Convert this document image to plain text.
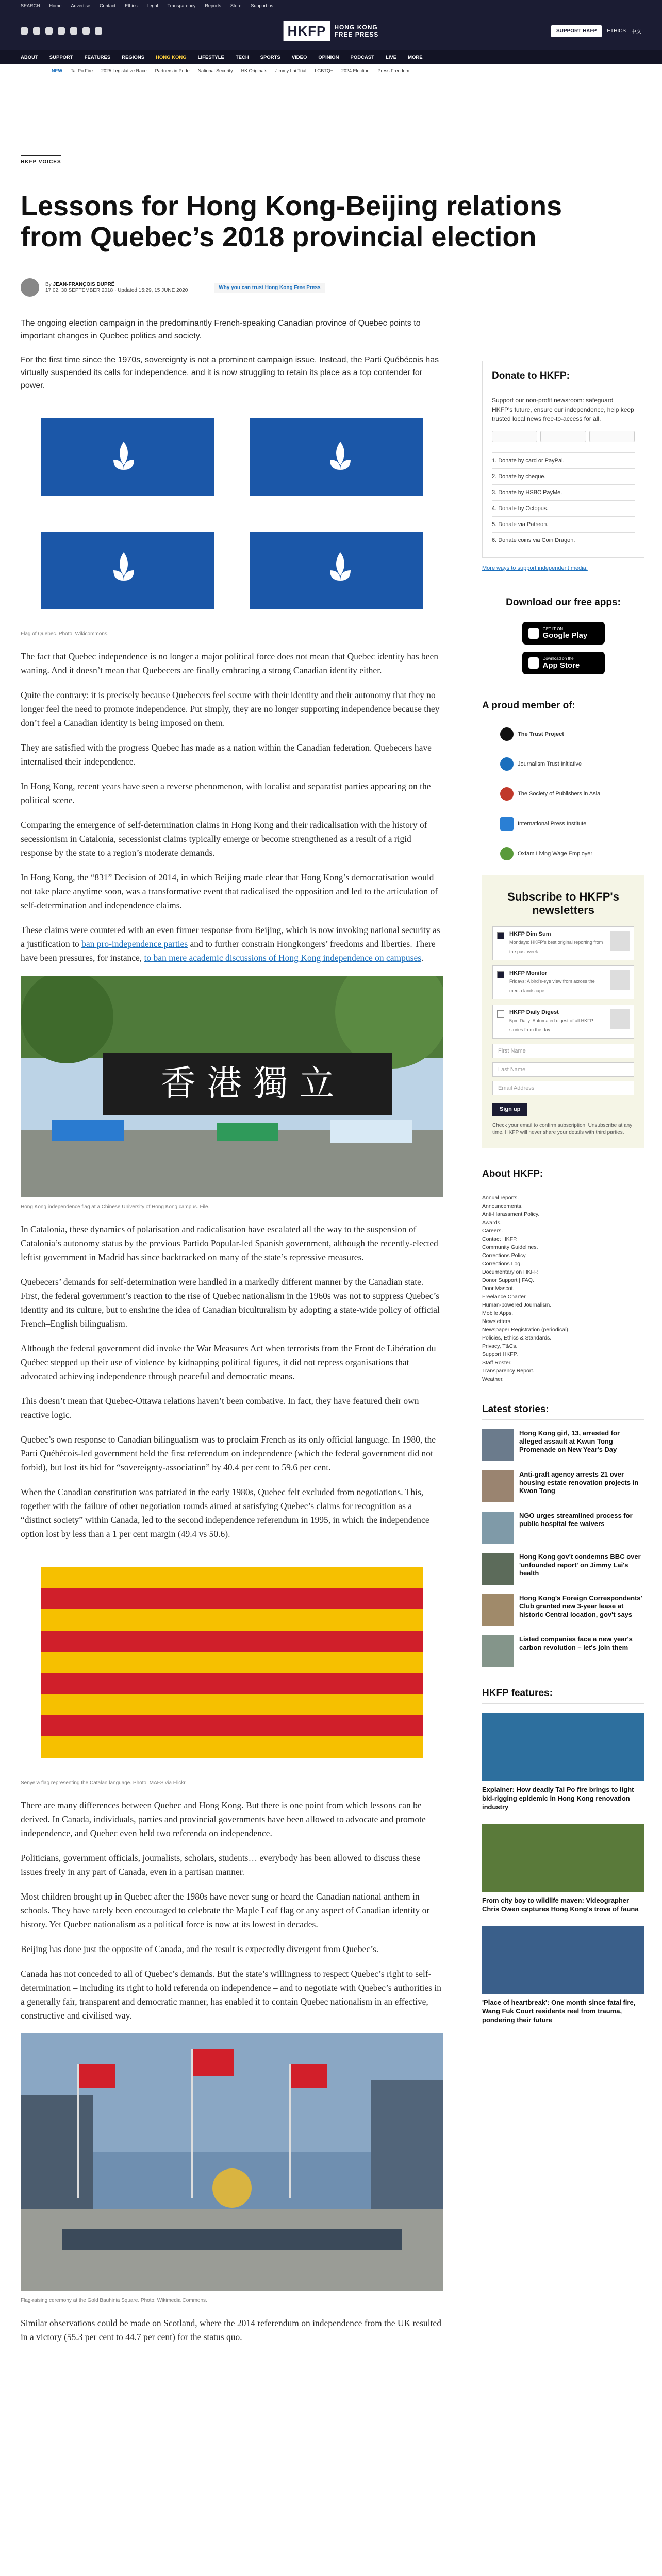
SEARCH Home Advertise Contact Ethics Legal Transparency Reports Store Support us
HKFP	HONG KONG
FREE PRESS	SUPPORT HKFP	ETHICS 中文
ABOUT SUPPORT FEATURES REGIONS HONG KONG LIFESTYLE TECH SPORTS VIDEO OPINION PODCAST LIVE MORE
NEW Tai Po Fire 2025 Legislative Race Partners in Pride National Security HK Originals Jimmy Lai Trial LGBTQ+ 2024 Election Press Freedom
HKFP VOICES
Lessons for Hong Kong-Beijing relations from Quebec’s 2018 provincial election
By JEAN-FRANÇOIS DUPRÉ
17:02, 30 SEPTEMBER 2018 · Updated 15:29, 15 JUNE 2020	Why you can trust Hong Kong Free Press

The ongoing election campaign in the predominantly French-speaking Canadian province of Quebec points to important changes in Quebec politics and society.

For the first time since the 1970s, sovereignty is not a prominent campaign issue. Instead, the Parti Québécois has virtually suspended its calls for independence, and it is now struggling to retain its place as a top contender for power.

Flag of Quebec. Photo: Wikicommons.

The fact that Quebec independence is no longer a major political force does not mean that Quebec identity has been waning. And it doesn’t mean that Quebecers are finally embracing a strong Canadian identity either.

Quite the contrary: it is precisely because Quebecers feel secure with their identity and their autonomy that they no longer feel the need to promote independence. Put simply, they are no longer supporting independence because they don’t feel a Canadian identity is being imposed on them.

They are satisfied with the progress Quebec has made as a nation within the Canadian federation. Quebecers have internalised their independence.

In Hong Kong, recent years have seen a reverse phenomenon, with localist and separatist parties appearing on the political scene.

Comparing the emergence of self-determination claims in Hong Kong and their radicalisation with the history of secessionism in Catalonia, secessionist claims typically emerge or become strengthened as a result of a rigid response by the state to a region’s moderate demands.

In Hong Kong, the “831” Decision of 2014, in which Beijing made clear that Hong Kong’s democratisation would not take place anytime soon, was a transformative event that radicalised the opposition and led to the articulation of self-determination and independence claims.

These claims were countered with an even firmer response from Beijing, which is now invoking national security as a justification to ban pro-independence parties and to further constrain Hongkongers’ freedoms and liberties. There have been pressures, for instance, to ban mere academic discussions of Hong Kong independence on campuses.

香 港 獨 立
Hong Kong independence flag at a Chinese University of Hong Kong campus. File.

In Catalonia, these dynamics of polarisation and radicalisation have escalated all the way to the suspension of Catalonia’s autonomy status by the previous Partido Popular-led Spanish government, although the recently-elected leftist government in Madrid has since backtracked on many of the state’s repressive measures.

Quebecers’ demands for self-determination were handled in a markedly different manner by the Canadian state. First, the federal government’s reaction to the rise of Quebec nationalism in the 1960s was not to suppress Quebec’s identity and its culture, but to enshrine the idea of Canadian biculturalism by adopting a state-wide policy of official French–English bilingualism.

Although the federal government did invoke the War Measures Act when terrorists from the Front de Libération du Québec stepped up their use of violence by kidnapping political figures, it did not repress organisations that advocated achieving independence through peaceful and democratic means.

This doesn’t mean that Quebec-Ottawa relations haven’t been combative. In fact, they have featured their own reactive logic.

Quebec’s own response to Canadian bilingualism was to proclaim French as its only official language. In 1980, the Parti Québécois-led government held the first referendum on independence (which the federal government did not forbid), but lost its bid for “sovereignty-association” by 40.4 per cent to 59.6 per cent.

When the Canadian constitution was patriated in the early 1980s, Quebec felt excluded from negotiations. This, together with the failure of other negotiation rounds aimed at satisfying Quebec’s claims for recognition as a “distinct society” within Canada, led to the second independence referendum in 1995, in which the independence option lost by less than a 1 per cent margin (49.4 vs 50.6).

Senyera flag representing the Catalan language. Photo: MAFS via Flickr.

There are many differences between Quebec and Hong Kong. But there is one point from which lessons can be derived. In Canada, individuals, parties and provincial governments have been allowed to advocate and promote independence, and Quebec even held two referenda on independence.

Politicians, government officials, journalists, scholars, students… everybody has been allowed to discuss these issues freely in any part of Canada, even in a partisan manner.

Most children brought up in Quebec after the 1980s have never sung or heard the Canadian national anthem in schools. They have rarely been encouraged to celebrate the Maple Leaf flag or any aspect of Canadian identity or history. Yet Quebec nationalism as a political force is now at its lowest in decades.

Beijing has done just the opposite of Canada, and the result is expectedly divergent from Quebec’s.

Canada has not conceded to all of Quebec’s demands. But the state’s willingness to respect Quebec’s right to self-determination – including its right to hold referenda on independence – and to negotiate with Quebec’s authorities in a generally fair, transparent and democratic manner, has enabled it to contain Quebec nationalism in an effective, constructive and civilised way.

Flag-raising ceremony at the Gold Bauhinia Square. Photo: Wikimedia Commons.

Similar observations could be made on Scotland, where the 2014 referendum on independence from the UK resulted in a victory (55.3 per cent to 44.7 per cent) for the status quo.

Donate to HKFP:

Support our non-profit newsroom: safeguard HKFP's future, ensure our independence, help keep trusted local news free-to-access for all.

1. Donate by card or PayPal.
2. Donate by cheque.
3. Donate by HSBC PayMe.
4. Donate by Octopus.
5. Donate via Patreon.
6. Donate coins via Coin Dragon.
More ways to support independent media.
Download our free apps:
GET IT ON
Google Play
Download on the
App Store
A proud member of:
The Trust Project
Journalism Trust Initiative
The Society of Publishers in Asia
International Press Institute
Oxfam Living Wage Employer
Subscribe to HKFP's newsletters
HKFP Dim Sum
Mondays: HKFP's best original reporting from the past week.
HKFP Monitor
Fridays: A bird's-eye view from across the media landscape.
HKFP Daily Digest
5pm Daily: Automated digest of all HKFP stories from the day.
First Name
Last Name
Email Address
Sign up

Check your email to confirm subscription. Unsubscribe at any time. HKFP will never share your details with third parties.

About HKFP:
Annual reports.
Announcements.
Anti-Harassment Policy.
Awards.
Careers.
Contact HKFP.
Community Guidelines.
Corrections Policy.
Corrections Log.
Documentary on HKFP.
Donor Support | FAQ.
Door Mascot.
Freelance Charter.
Human-powered Journalism.
Mobile Apps.
Newsletters.
Newspaper Registration (periodical).
Policies, Ethics & Standards.
Privacy, T&Cs.
Support HKFP.
Staff Roster.
Transparency Report.
Weather.
Latest stories:
Hong Kong girl, 13, arrested for alleged assault at Kwun Tong Promenade on New Year's Day
Anti-graft agency arrests 21 over housing estate renovation projects in Kwon Tong
NGO urges streamlined process for public hospital fee waivers
Hong Kong gov't condemns BBC over 'unfounded report' on Jimmy Lai's health
Hong Kong's Foreign Correspondents' Club granted new 3-year lease at historic Central location, gov't says
Listed companies face a new year's carbon revolution – let's join them
HKFP features:
Explainer: How deadly Tai Po fire brings to light bid-rigging epidemic in Hong Kong renovation industry
From city boy to wildlife maven: Videographer Chris Owen captures Hong Kong's trove of fauna
'Place of heartbreak': One month since fatal fire, Wang Fuk Court residents reel from trauma, pondering their future
